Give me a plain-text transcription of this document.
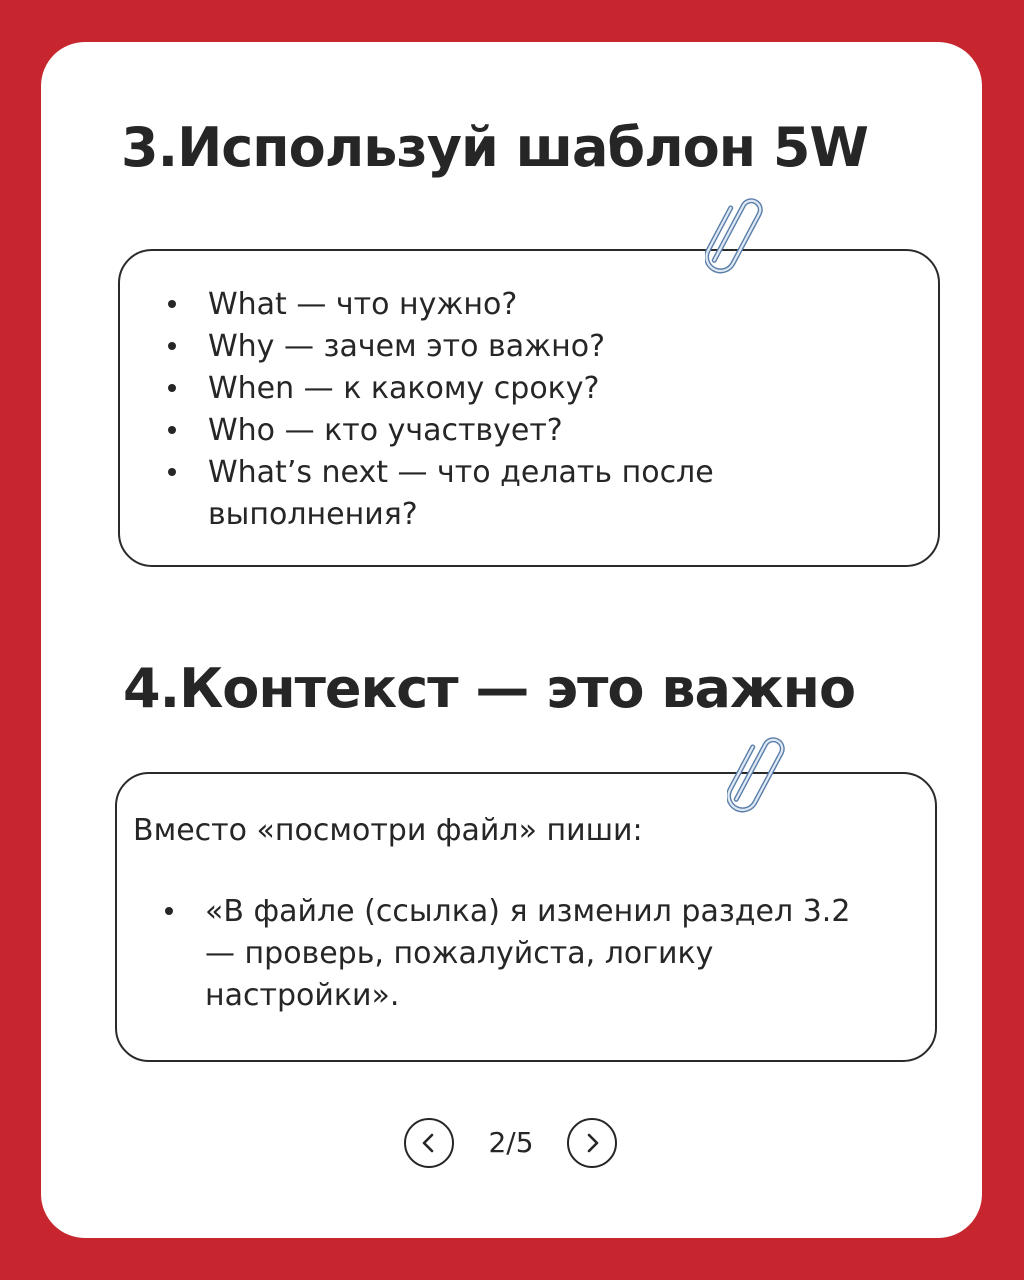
3.Используй шаблон 5W
What — что нужно?
Why — зачем это важно?
When — к какому сроку?
Who — кто участвует?
What’s next — что делать после выполнения?
4.Контекст — это важно

Вместо «посмотри файл» пиши:

«В файле (ссылка) я изменил раздел 3.2 — проверь, пожалуйста, логику настройки».
2/5
